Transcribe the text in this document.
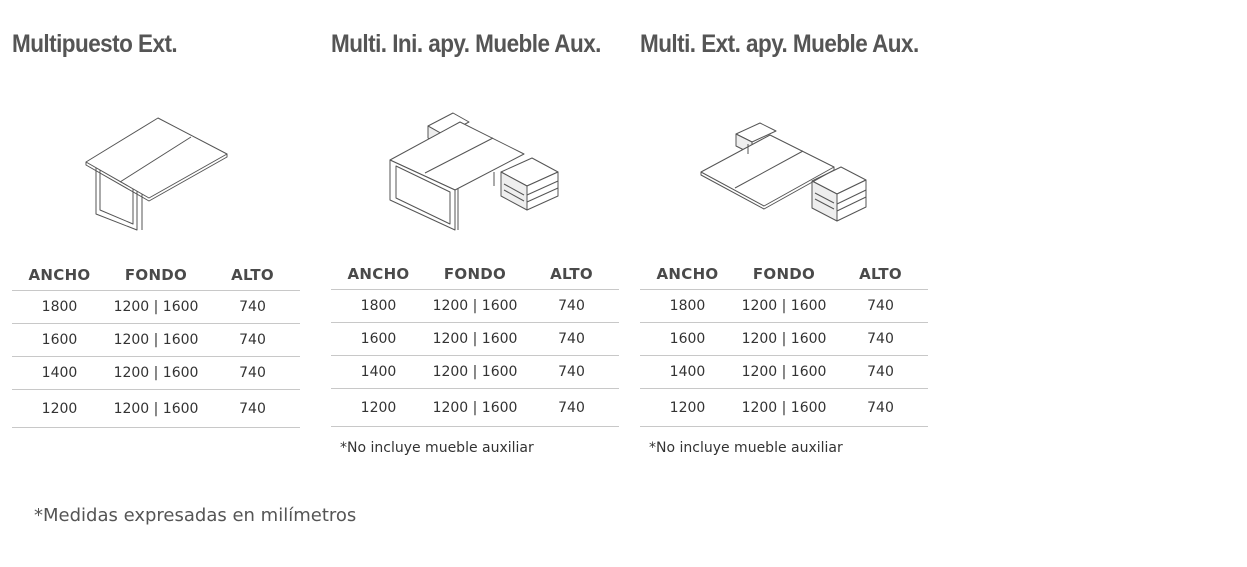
Multipuesto Ext.
ANCHO	FONDO	ALTO
1800	1200 | 1600	740
1600	1200 | 1600	740
1400	1200 | 1600	740
1200	1200 | 1600	740
Multi. Ini. apy. Mueble Aux.
ANCHO	FONDO	ALTO
1800	1200 | 1600	740
1600	1200 | 1600	740
1400	1200 | 1600	740
1200	1200 | 1600	740
*No incluye mueble auxiliar
Multi. Ext. apy. Mueble Aux.
ANCHO	FONDO	ALTO
1800	1200 | 1600	740
1600	1200 | 1600	740
1400	1200 | 1600	740
1200	1200 | 1600	740
*No incluye mueble auxiliar
*Medidas expresadas en milímetros
